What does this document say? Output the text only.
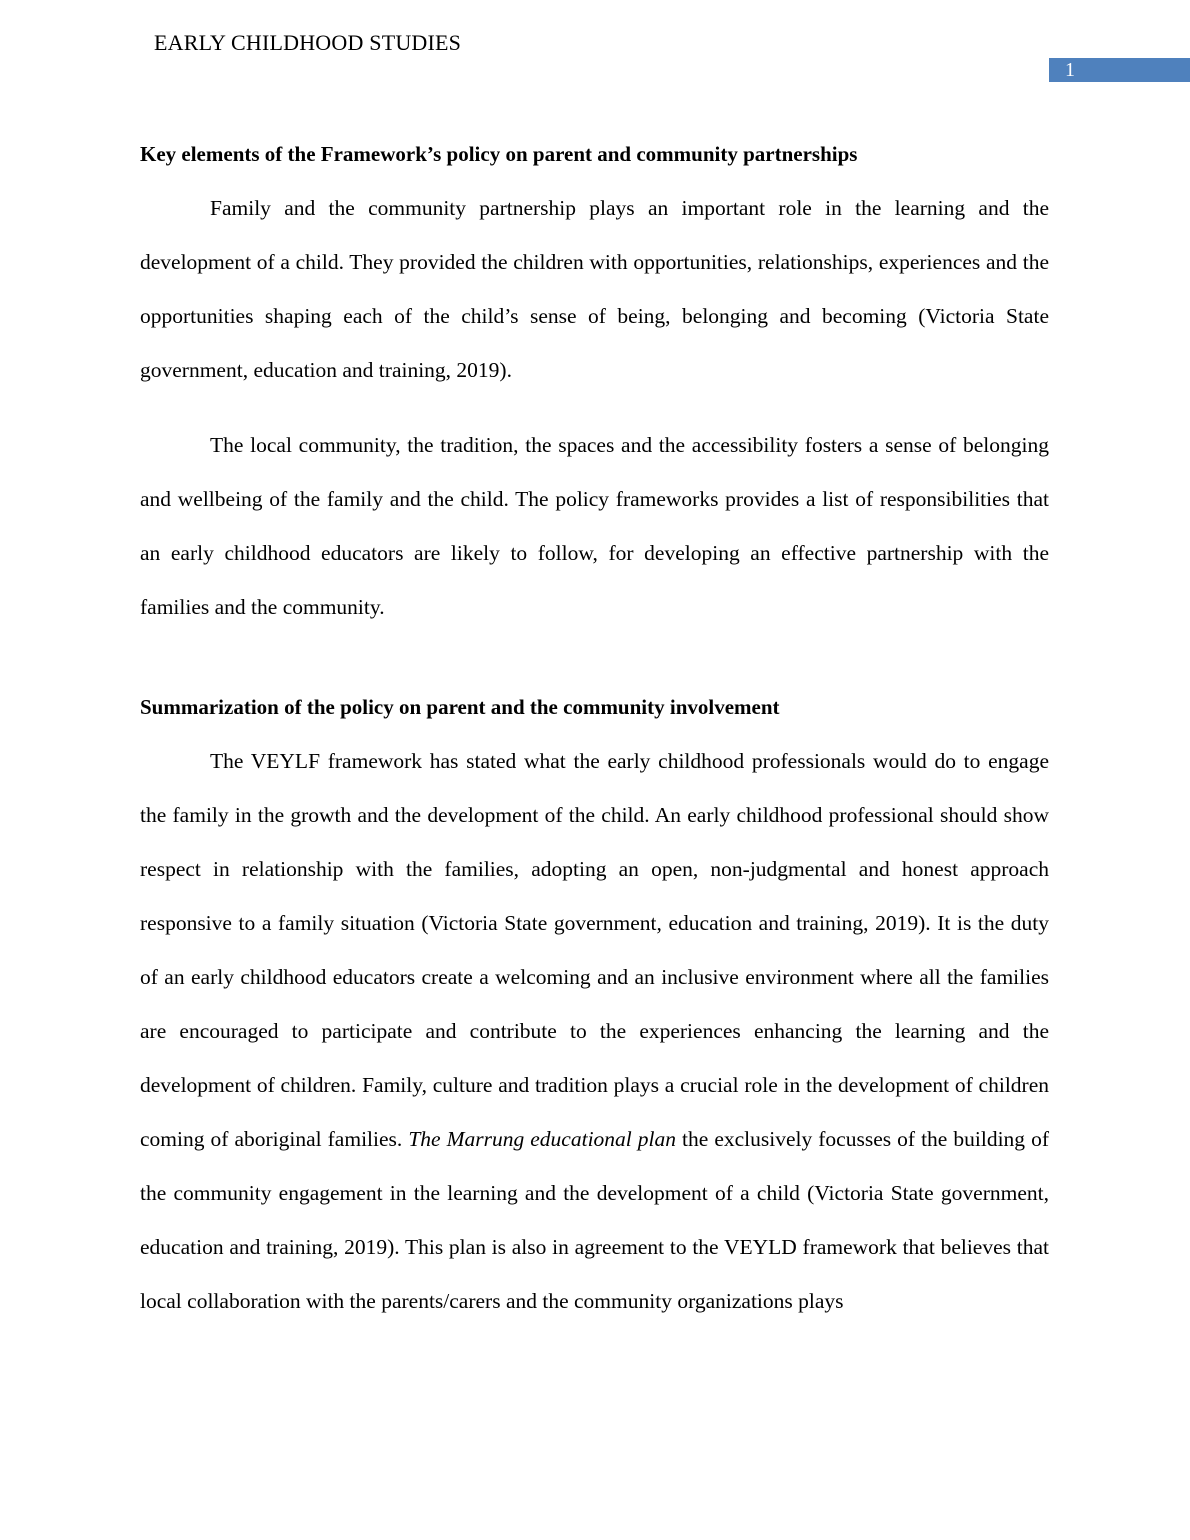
EARLY CHILDHOOD STUDIES

1
Key elements of the Framework’s policy on parent and community partnerships

Family and the community partnership plays an important role in the learning and the development of a child. They provided the children with opportunities, relationships, experiences and the opportunities shaping each of the child’s sense of being, belonging and becoming (Victoria State government, education and training, 2019).

The local community, the tradition, the spaces and the accessibility fosters a sense of belonging and wellbeing of the family and the child. The policy frameworks provides a list of responsibilities that an early childhood educators are likely to follow, for developing an effective partnership with the families and the community.

Summarization of the policy on parent and the community involvement

The VEYLF framework has stated what the early childhood professionals would do to engage the family in the growth and the development of the child. An early childhood professional should show respect in relationship with the families, adopting an open, non-judgmental and honest approach responsive to a family situation (Victoria State government, education and training, 2019). It is the duty of an early childhood educators create a welcoming and an inclusive environment where all the families are encouraged to participate and contribute to the experiences enhancing the learning and the development of children. Family, culture and tradition plays a crucial role in the development of children coming of aboriginal families. The Marrung educational plan the exclusively focusses of the building of the community engagement in the learning and the development of a child (Victoria State government, education and training, 2019). This plan is also in agreement to the VEYLD framework that believes that local collaboration with the parents/carers and the community organizations plays
